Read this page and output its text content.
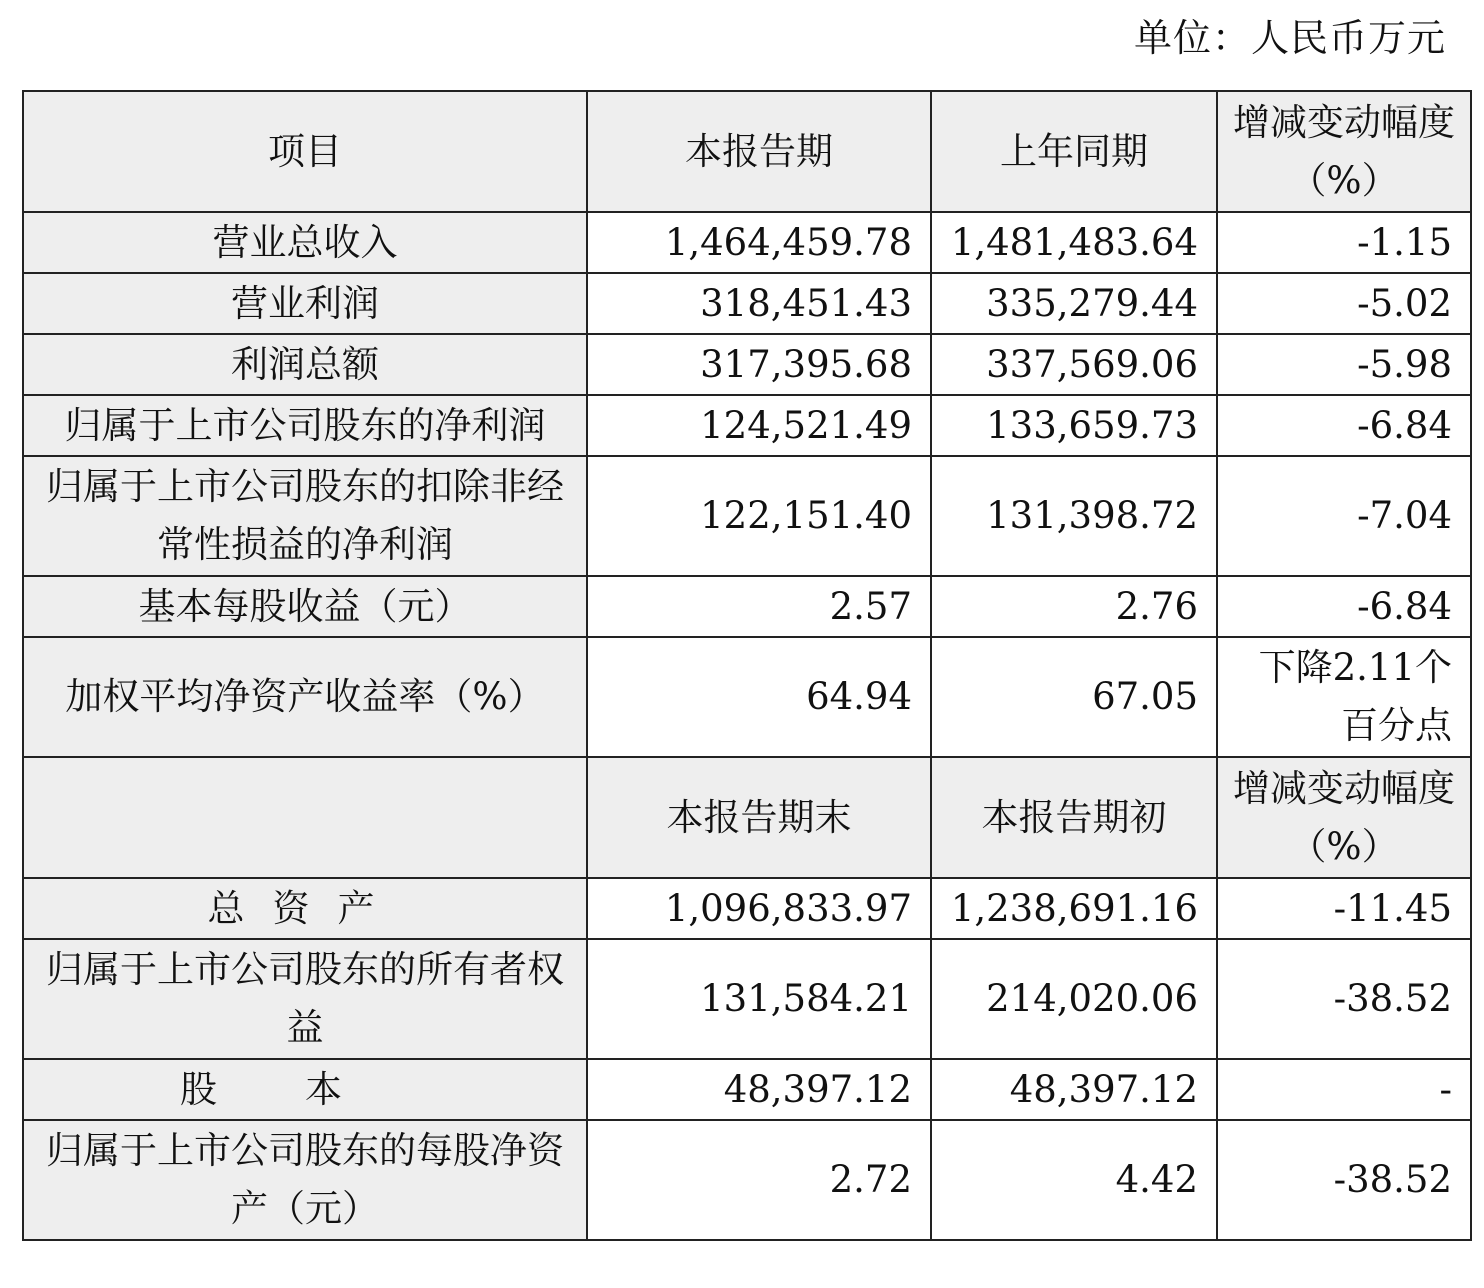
单位：人民币万元
项目	本报告期	上年同期	增减变动幅度（%）
营业总收入	1,464,459.78	1,481,483.64	-1.15
营业利润	318,451.43	335,279.44	-5.02
利润总额	317,395.68	337,569.06	-5.98
归属于上市公司股东的净利润	124,521.49	133,659.73	-6.84
归属于上市公司股东的扣除非经常性损益的净利润	122,151.40	131,398.72	-7.04
基本每股收益（元）	2.57	2.76	-6.84
加权平均净资产收益率（%）	64.94	67.05	下降2.11个百分点
	本报告期末	本报告期初	增减变动幅度（%）
总资产	1,096,833.97	1,238,691.16	-11.45
归属于上市公司股东的所有者权益	131,584.21	214,020.06	-38.52
股本	48,397.12	48,397.12	-
归属于上市公司股东的每股净资产（元）	2.72	4.42	-38.52
